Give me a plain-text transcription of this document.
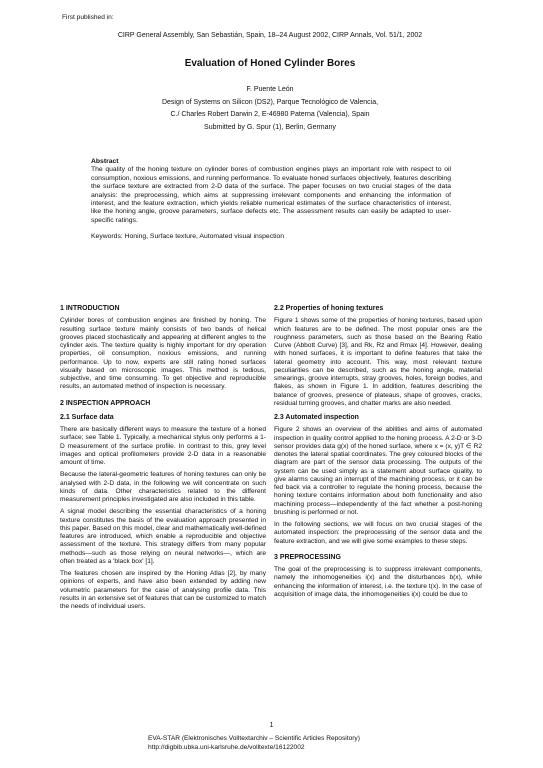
First published in:
CIRP General Assembly, San Sebastián, Spain, 18–24 August 2002, CIRP Annals, Vol. 51/1, 2002
Evaluation of Honed Cylinder Bores
F. Puente León
Design of Systems on Silicon (DS2), Parque Tecnológico de Valencia,
C./ Charles Robert Darwin 2, E-46980 Paterna (Valencia), Spain
Submitted by G. Spur (1), Berlin, Germany
Abstract
The quality of the honing texture on cylinder bores of combustion engines plays an important role with respect to oil consumption, noxious emissions, and running performance. To evaluate honed surfaces objectively, features describing the surface texture are extracted from 2-D data of the surface. The paper focuses on two crucial stages of the data analysis: the preprocessing, which aims at suppressing irrelevant components and enhancing the information of interest, and the feature extraction, which yields reliable numerical estimates of the surface characteristics of interest, like the honing angle, groove parameters, surface defects etc. The assessment results can easily be adapted to user-specific ratings.
Keywords: Honing, Surface texture, Automated visual inspection
1 INTRODUCTION

Cylinder bores of combustion engines are finished by honing. The resulting surface texture mainly consists of two bands of helical grooves placed stochastically and appearing at different angles to the cylinder axis. The texture quality is highly important for dry operation properties, oil consumption, noxious emissions, and running performance. Up to now, experts are still rating honed surfaces visually based on microscopic images. This method is tedious, subjective, and time consuming. To get objective and reproducible results, an automated method of inspection is necessary.

2 INSPECTION APPROACH
2.1 Surface data

There are basically different ways to measure the texture of a honed surface; see Table 1. Typically, a mechanical stylus only performs a 1-D measurement of the surface profile. In contrast to this, grey level images and optical profilometers provide 2-D data in a reasonable amount of time.

Because the lateral-geometric features of honing textures can only be analysed with 2-D data, in the following we will concentrate on such kinds of data. Other characteristics related to the different measurement principles investigated are also included in this table.

A signal model describing the essential characteristics of a honing texture constitutes the basis of the evaluation approach presented in this paper. Based on this model, clear and mathematically well-defined features are introduced, which enable a reproducible and objective assessment of the texture. This strategy differs from many popular methods—such as those relying on neural networks—, which are often treated as a 'black box' [1].

The features chosen are inspired by the Honing Atlas [2], by many opinions of experts, and have also been extended by adding new volumetric parameters for the case of analysing profile data. This results in an extensive set of features that can be customized to match the needs of individual users.

2.2 Properties of honing textures

Figure 1 shows some of the properties of honing textures, based upon which features are to be defined. The most popular ones are the roughness parameters, such as those based on the Bearing Ratio Curve (Abbott Curve) [3], and Rk, Rz and Rmax [4]. However, dealing with honed surfaces, it is important to define features that take the lateral geometry into account. This way, most relevant texture peculiarities can be described, such as the honing angle, material smearings, groove interrupts, stray grooves, holes, foreign bodies, and flakes, as shown in Figure 1. In addition, features describing the balance of grooves, presence of plateaus, shape of grooves, cracks, residual turning grooves, and chatter marks are also needed.

2.3 Automated inspection

Figure 2 shows an overview of the abilities and aims of automated inspection in quality control applied to the honing process. A 2-D or 3-D sensor provides data g(x) of the honed surface, where x = (x, y)T ∈ R2 denotes the lateral spatial coordinates. The grey coloured blocks of the diagram are part of the sensor data processing. The outputs of the system can be used simply as a statement about surface quality, to give alarms causing an interrupt of the machining process, or it can be fed back via a controller to regulate the honing process, because the honing texture contains information about both functionality and also machining process—independently of the fact whether a post-honing brushing is performed or not.

In the following sections, we will focus on two crucial stages of the automated inspection: the preprocessing of the sensor data and the feature extraction, and we will give some examples to these steps.

3 PREPROCESSING

The goal of the preprocessing is to suppress irrelevant components, namely the inhomogeneities i(x) and the disturbances b(x), while enhancing the information of interest, i.e. the texture t(x). In the case of acquisition of image data, the inhomogeneities i(x) could be due to

1
EVA-STAR (Elektronisches Volltextarchiv – Scientific Articles Repository)
http://digbib.ubka.uni-karlsruhe.de/volltexte/16122002
